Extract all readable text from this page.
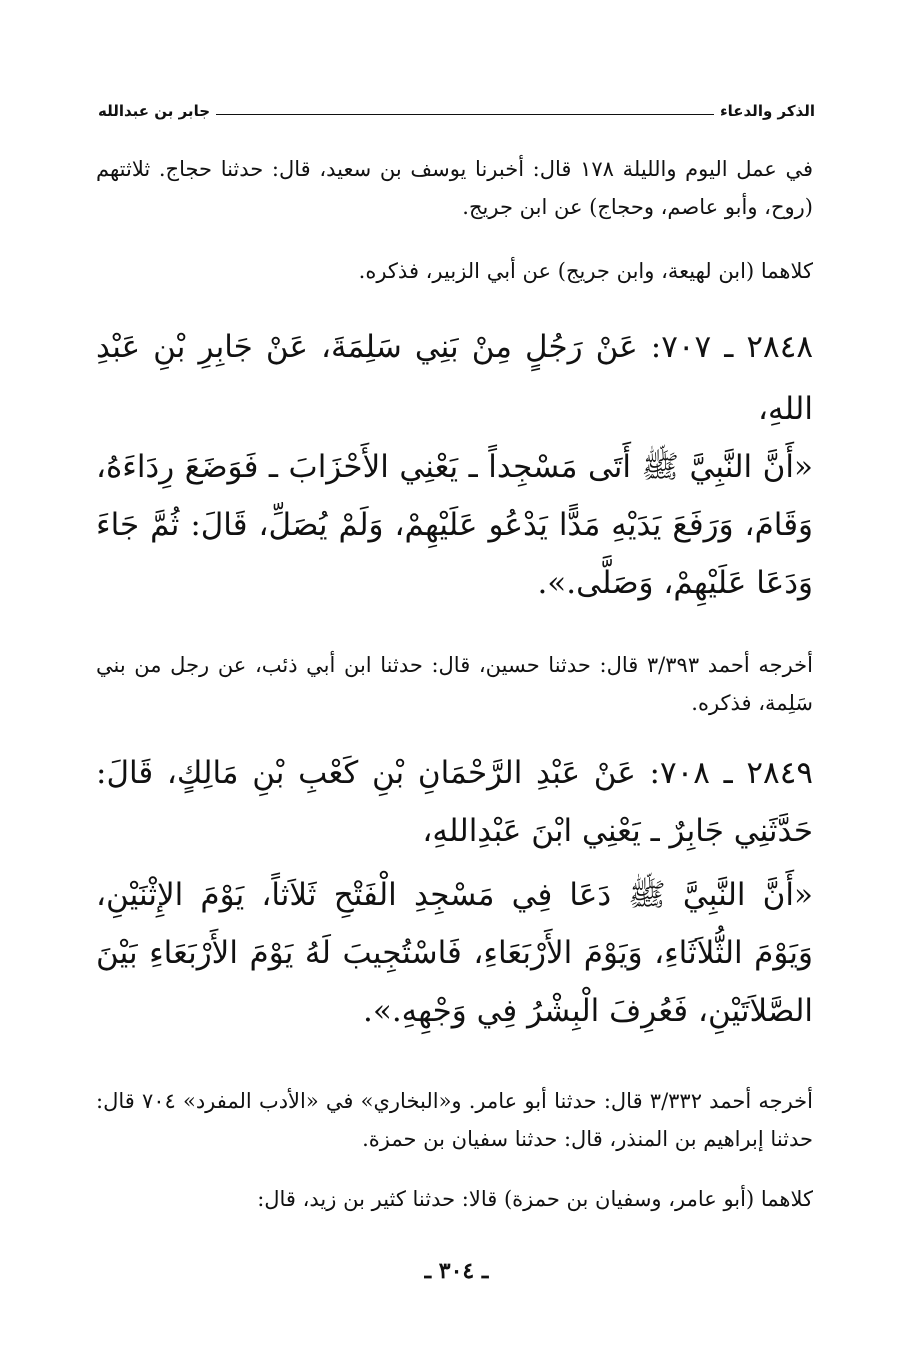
الذكر والدعاء
جابر بن عبدالله

في عمل اليوم والليلة ١٧٨ قال: أخبرنا يوسف بن سعيد، قال: حدثنا حجاج. ثلاثتهم (روح، وأبو عاصم، وحجاج) عن ابن جريج.

كلاهما (ابن لهيعة، وابن جريج) عن أبي الزبير، فذكره.

٢٨٤٨ ـ ٧٠٧: عَنْ رَجُلٍ مِنْ بَنِي سَلِمَةَ، عَنْ جَابِرِ بْنِ عَبْدِ اللهِ،

«أَنَّ النَّبِيَّ ﷺ أَتَى مَسْجِداً ـ يَعْنِي الأَحْزَابَ ـ فَوَضَعَ رِدَاءَهُ، وَقَامَ، وَرَفَعَ يَدَيْهِ مَدًّا يَدْعُو عَلَيْهِمْ، وَلَمْ يُصَلِّ، قَالَ: ثُمَّ جَاءَ وَدَعَا عَلَيْهِمْ، وَصَلَّى.».

أخرجه أحمد ٣/٣٩٣ قال: حدثنا حسين، قال: حدثنا ابن أبي ذئب، عن رجل من بني سَلِمة، فذكره.

٢٨٤٩ ـ ٧٠٨: عَنْ عَبْدِ الرَّحْمَانِ بْنِ كَعْبِ بْنِ مَالِكٍ، قَالَ: حَدَّثَنِي جَابِرٌ ـ يَعْنِي ابْنَ عَبْدِاللهِ،

«أَنَّ النَّبِيَّ ﷺ دَعَا فِي مَسْجِدِ الْفَتْحِ ثَلاَثاً، يَوْمَ الإِثْنَيْنِ، وَيَوْمَ الثُّلاَثَاءِ، وَيَوْمَ الأَرْبَعَاءِ، فَاسْتُجِيبَ لَهُ يَوْمَ الأَرْبَعَاءِ بَيْنَ الصَّلاَتَيْنِ، فَعُرِفَ الْبِشْرُ فِي وَجْهِهِ.».

أخرجه أحمد ٣/٣٣٢ قال: حدثنا أبو عامر. و«البخاري» في «الأدب المفرد» ٧٠٤ قال: حدثنا إبراهيم بن المنذر، قال: حدثنا سفيان بن حمزة.

كلاهما (أبو عامر، وسفيان بن حمزة) قالا: حدثنا كثير بن زيد، قال:

ـ ٣٠٤ ـ
